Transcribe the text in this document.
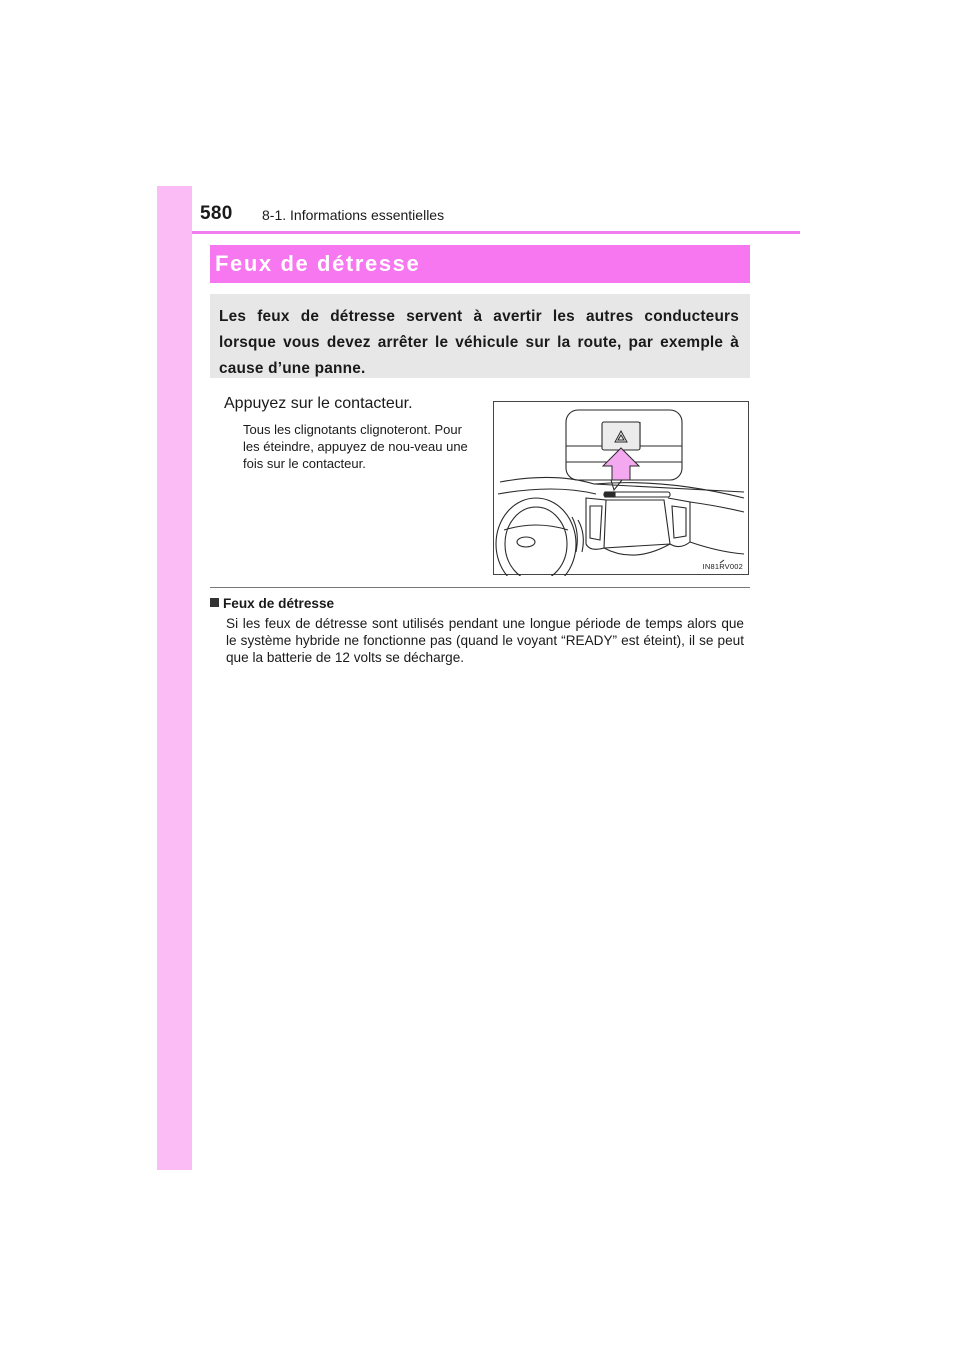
580 8-1. Informations essentielles
Feux de détresse

Les feux de détresse servent à avertir les autres conducteurs lorsque vous devez arrêter le véhicule sur la route, par exemple à cause d’une panne.

Appuyez sur le contacteur.

Tous les clignotants clignoteront. Pour les éteindre, appuyez de nou-veau une fois sur le contacteur.

IN81RV002
Feux de détresse

Si les feux de détresse sont utilisés pendant une longue période de temps alors que le système hybride ne fonctionne pas (quand le voyant “READY” est éteint), il se peut que la batterie de 12 volts se décharge.
